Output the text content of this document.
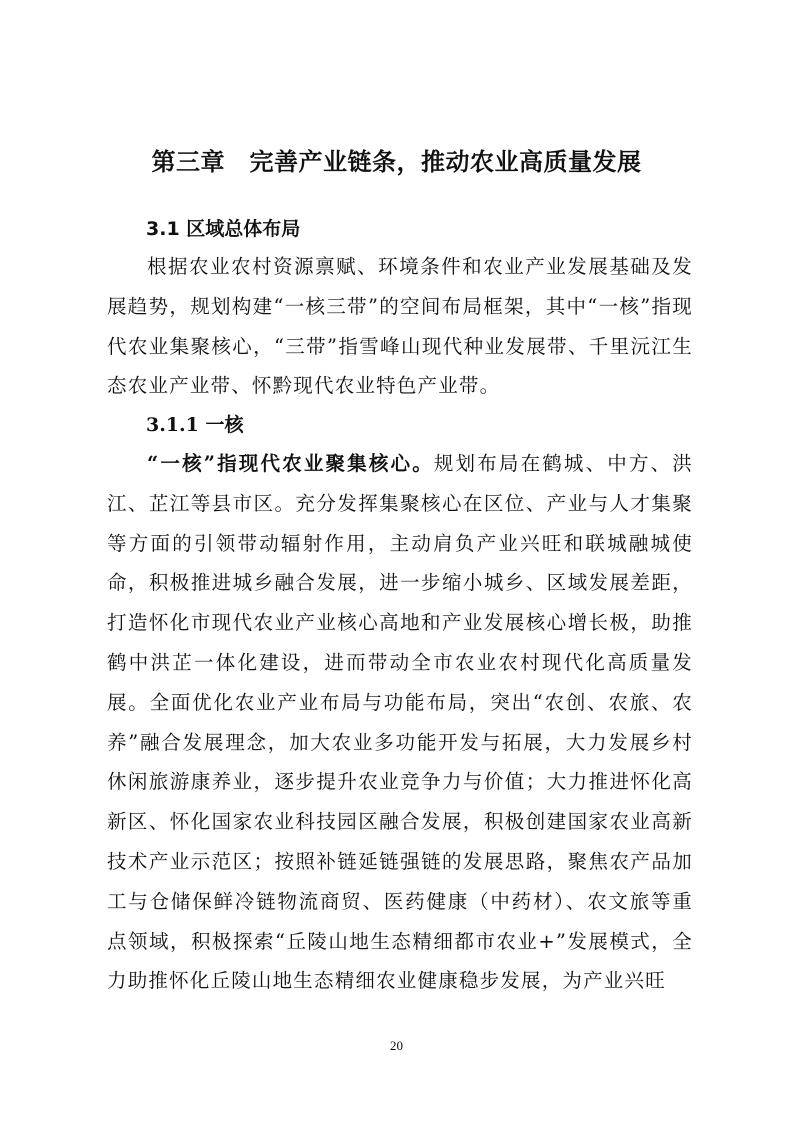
第三章　完善产业链条，推动农业高质量发展
3.1 区域总体布局

根据农业农村资源禀赋、环境条件和农业产业发展基础及发展趋势，规划构建“一核三带”的空间布局框架，其中“一核”指现代农业集聚核心，“三带”指雪峰山现代种业发展带、千里沅江生态农业产业带、怀黔现代农业特色产业带。

3.1.1 一核

“一核”指现代农业聚集核心。规划布局在鹤城、中方、洪江、芷江等县市区。充分发挥集聚核心在区位、产业与人才集聚等方面的引领带动辐射作用，主动肩负产业兴旺和联城融城使命，积极推进城乡融合发展，进一步缩小城乡、区域发展差距，打造怀化市现代农业产业核心高地和产业发展核心增长极，助推鹤中洪芷一体化建设，进而带动全市农业农村现代化高质量发展。全面优化农业产业布局与功能布局，突出“农创、农旅、农养”融合发展理念，加大农业多功能开发与拓展，大力发展乡村休闲旅游康养业，逐步提升农业竞争力与价值；大力推进怀化高新区、怀化国家农业科技园区融合发展，积极创建国家农业高新技术产业示范区；按照补链延链强链的发展思路，聚焦农产品加工与仓储保鲜冷链物流商贸、医药健康（中药材）、农文旅等重点领域，积极探索“丘陵山地生态精细都市农业+”发展模式，全力助推怀化丘陵山地生态精细农业健康稳步发展，为产业兴旺

20
